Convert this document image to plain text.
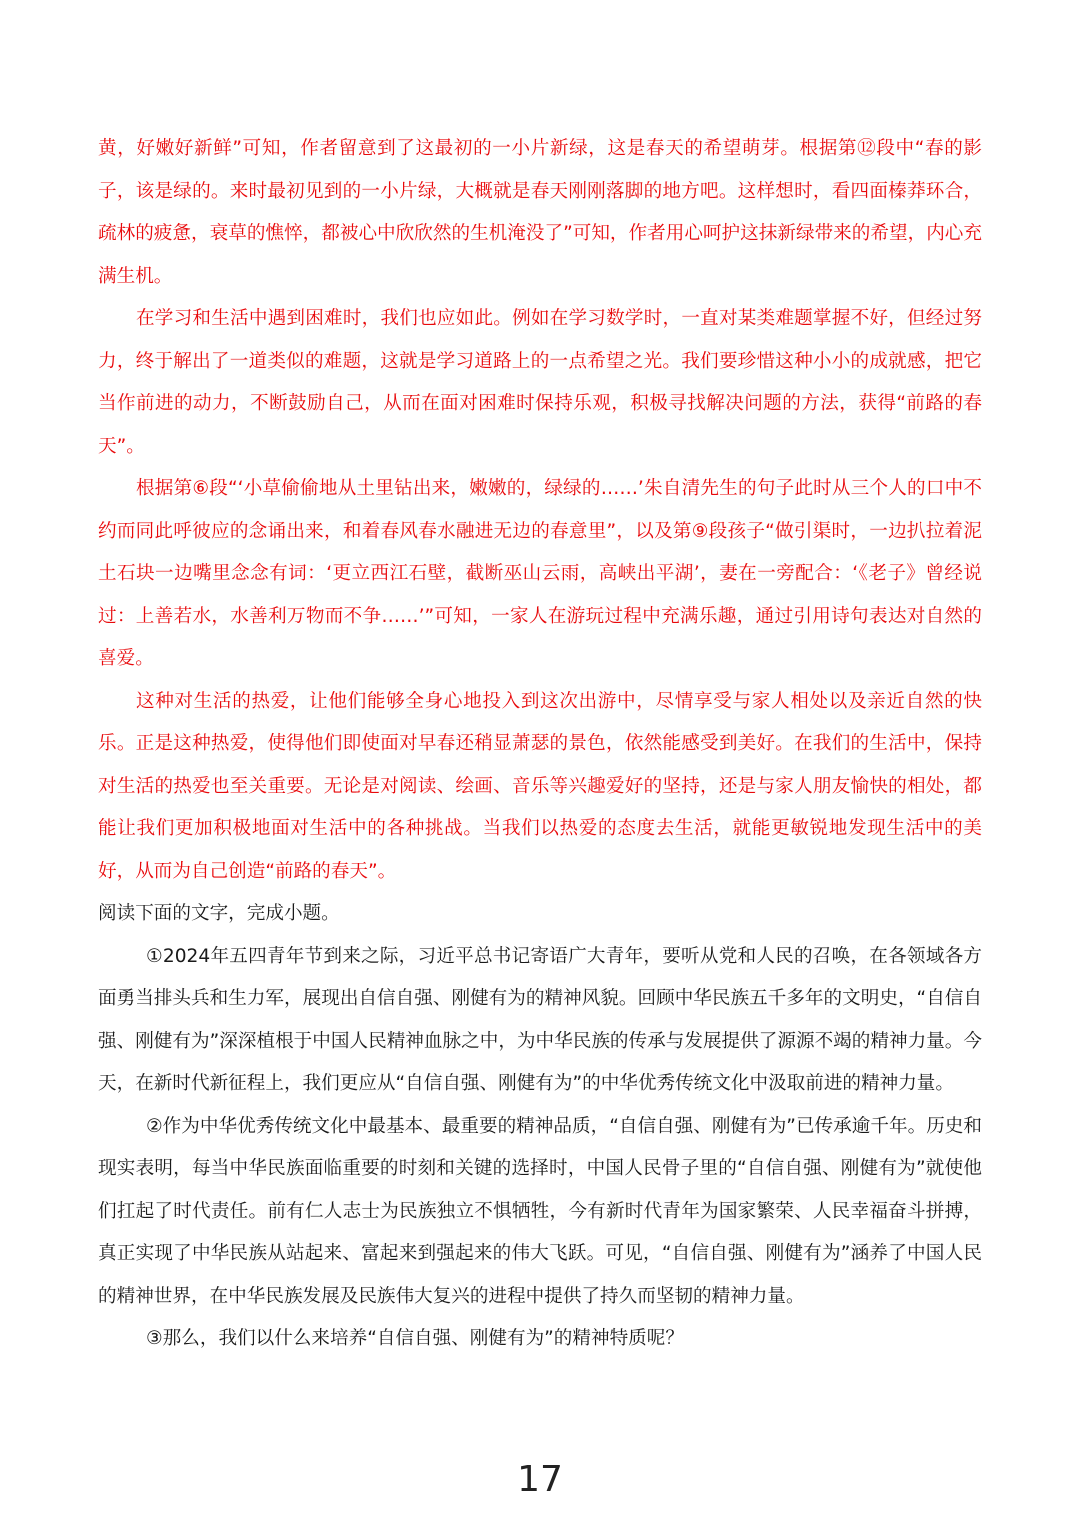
黄，好嫩好新鲜”可知，作者留意到了这最初的一小片新绿，这是春天的希望萌芽。根据第⑫段中“春的影子，该是绿的。来时最初见到的一小片绿，大概就是春天刚刚落脚的地方吧。这样想时，看四面榛莽环合，疏林的疲惫，衰草的憔悴，都被心中欣欣然的生机淹没了”可知，作者用心呵护这抹新绿带来的希望，内心充满生机。

在学习和生活中遇到困难时，我们也应如此。例如在学习数学时，一直对某类难题掌握不好，但经过努力，终于解出了一道类似的难题，这就是学习道路上的一点希望之光。我们要珍惜这种小小的成就感，把它当作前进的动力，不断鼓励自己，从而在面对困难时保持乐观，积极寻找解决问题的方法，获得“前路的春天”。

根据第⑥段“‘小草偷偷地从土里钻出来，嫩嫩的，绿绿的……’朱自清先生的句子此时从三个人的口中不约而同此呼彼应的念诵出来，和着春风春水融进无边的春意里”，以及第⑨段孩子“做引渠时，一边扒拉着泥土石块一边嘴里念念有词：‘更立西江石壁，截断巫山云雨，高峡出平湖’，妻在一旁配合：‘《老子》曾经说过：上善若水，水善利万物而不争……’”可知，一家人在游玩过程中充满乐趣，通过引用诗句表达对自然的喜爱。

这种对生活的热爱，让他们能够全身心地投入到这次出游中，尽情享受与家人相处以及亲近自然的快乐。正是这种热爱，使得他们即使面对早春还稍显萧瑟的景色，依然能感受到美好。在我们的生活中，保持对生活的热爱也至关重要。无论是对阅读、绘画、音乐等兴趣爱好的坚持，还是与家人朋友愉快的相处，都能让我们更加积极地面对生活中的各种挑战。当我们以热爱的态度去生活，就能更敏锐地发现生活中的美好，从而为自己创造“前路的春天”。

阅读下面的文字，完成小题。

①2024年五四青年节到来之际，习近平总书记寄语广大青年，要听从党和人民的召唤，在各领域各方面勇当排头兵和生力军，展现出自信自强、刚健有为的精神风貌。回顾中华民族五千多年的文明史，“自信自强、刚健有为”深深植根于中国人民精神血脉之中，为中华民族的传承与发展提供了源源不竭的精神力量。今天，在新时代新征程上，我们更应从“自信自强、刚健有为”的中华优秀传统文化中汲取前进的精神力量。

②作为中华优秀传统文化中最基本、最重要的精神品质，“自信自强、刚健有为”已传承逾千年。历史和现实表明，每当中华民族面临重要的时刻和关键的选择时，中国人民骨子里的“自信自强、刚健有为”就使他们扛起了时代责任。前有仁人志士为民族独立不惧牺牲，今有新时代青年为国家繁荣、人民幸福奋斗拼搏，真正实现了中华民族从站起来、富起来到强起来的伟大飞跃。可见，“自信自强、刚健有为”涵养了中国人民的精神世界，在中华民族发展及民族伟大复兴的进程中提供了持久而坚韧的精神力量。

③那么，我们以什么来培养“自信自强、刚健有为”的精神特质呢？

17
